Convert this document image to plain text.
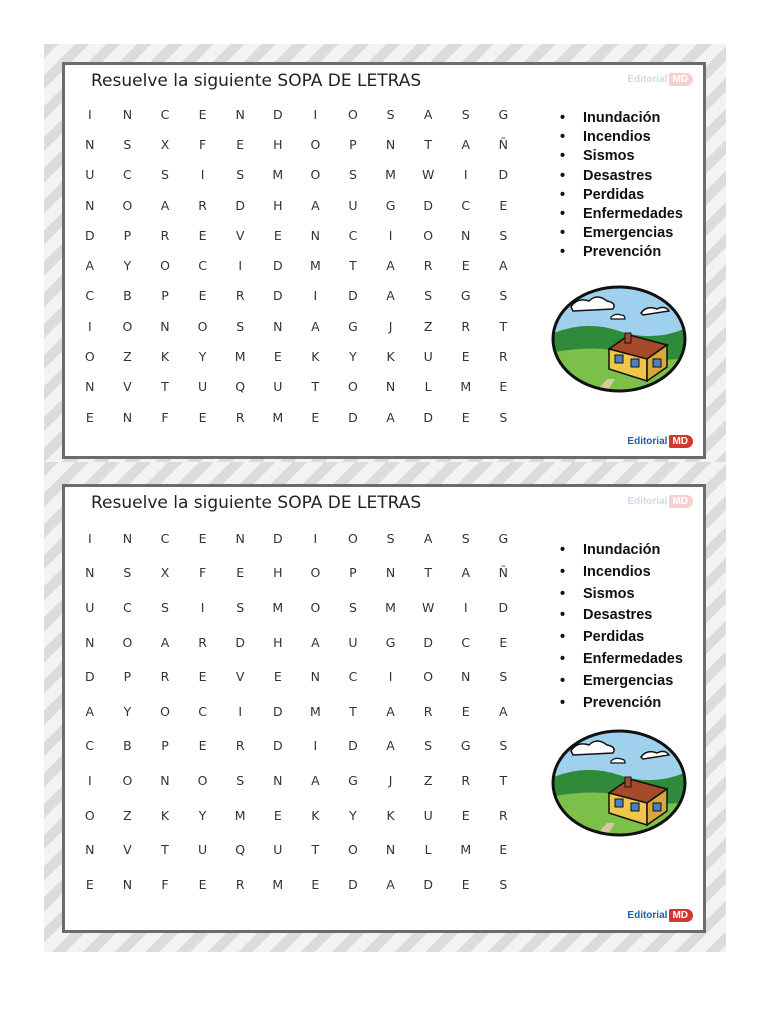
Editorial MD
Resuelve la siguiente SOPA DE LETRAS
I	N	C	E	N	D	I	O	S	A	S	G
N	S	X	F	E	H	O	P	N	T	A	Ñ
U	C	S	I	S	M	O	S	M	W	I	D
N	O	A	R	D	H	A	U	G	D	C	E
D	P	R	E	V	E	N	C	I	O	N	S
A	Y	O	C	I	D	M	T	A	R	E	A
C	B	P	E	R	D	I	D	A	S	G	S
I	O	N	O	S	N	A	G	J	Z	R	T
O	Z	K	Y	M	E	K	Y	K	U	E	R
N	V	T	U	Q	U	T	O	N	L	M	E
E	N	F	E	R	M	E	D	A	D	E	S
• Inundación
• Incendios
• Sismos
• Desastres
• Perdidas
• Enfermedades
• Emergencias
• Prevención
Editorial MD
Editorial MD
Resuelve la siguiente SOPA DE LETRAS
I	N	C	E	N	D	I	O	S	A	S	G
N	S	X	F	E	H	O	P	N	T	A	Ñ
U	C	S	I	S	M	O	S	M	W	I	D
N	O	A	R	D	H	A	U	G	D	C	E
D	P	R	E	V	E	N	C	I	O	N	S
A	Y	O	C	I	D	M	T	A	R	E	A
C	B	P	E	R	D	I	D	A	S	G	S
I	O	N	O	S	N	A	G	J	Z	R	T
O	Z	K	Y	M	E	K	Y	K	U	E	R
N	V	T	U	Q	U	T	O	N	L	M	E
E	N	F	E	R	M	E	D	A	D	E	S
• Inundación
• Incendios
• Sismos
• Desastres
• Perdidas
• Enfermedades
• Emergencias
• Prevención
Editorial MD
